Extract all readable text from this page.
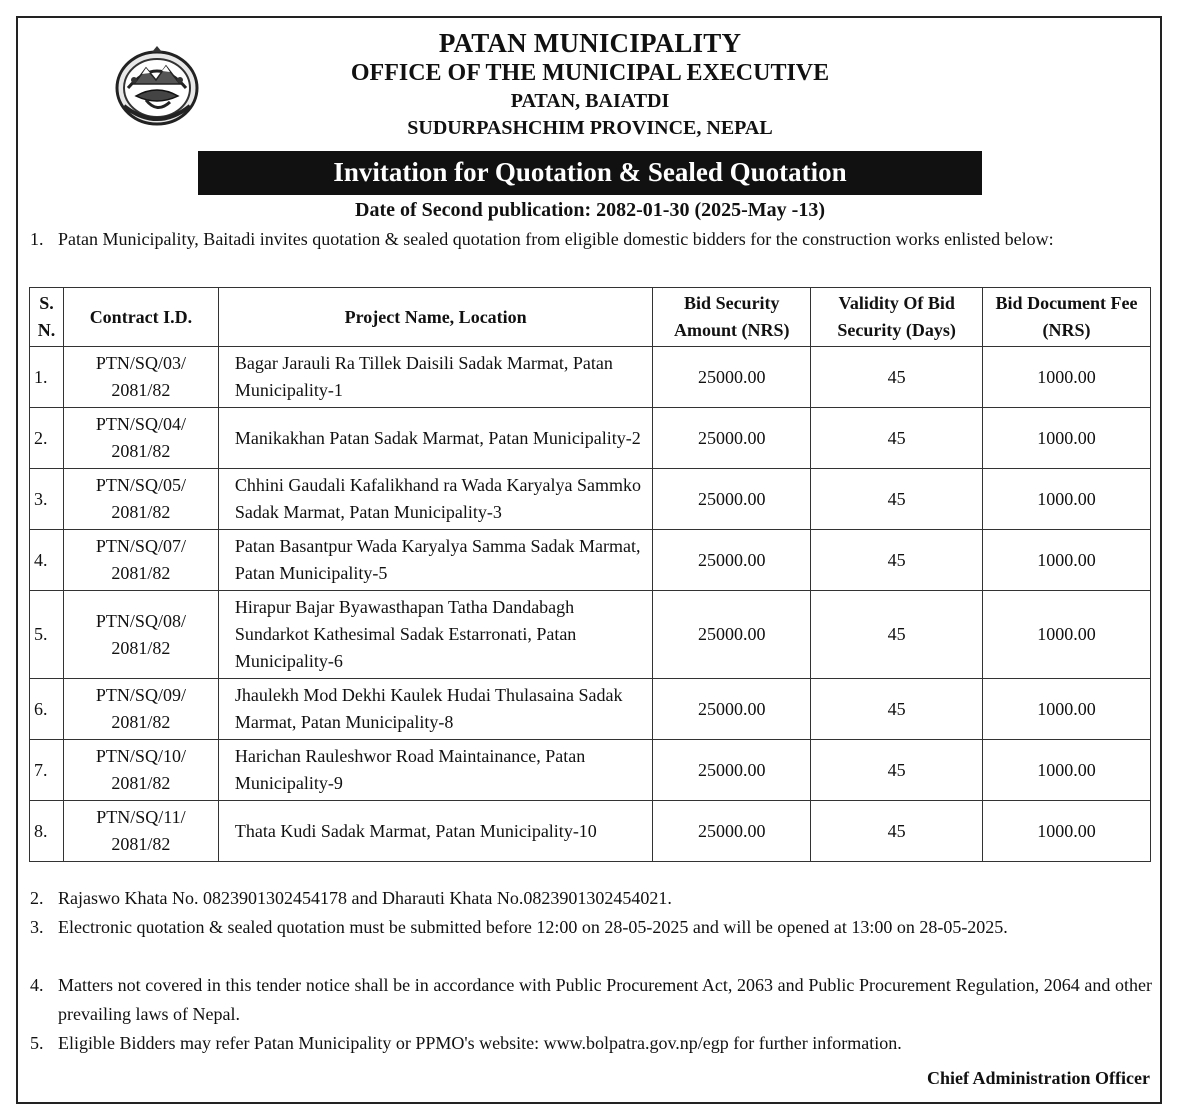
PATAN MUNICIPALITY
OFFICE OF THE MUNICIPAL EXECUTIVE
PATAN, BAIATDI
SUDURPASHCHIM PROVINCE, NEPAL
Invitation for Quotation & Sealed Quotation
Date of Second publication: 2082-01-30 (2025-May -13)
1. Patan Municipality, Baitadi invites quotation & sealed quotation from eligible domestic bidders for the construction works enlisted below:
S. N.	Contract I.D.	Project Name, Location	Bid Security Amount (NRS)	Validity Of Bid Security (Days)	Bid Document Fee (NRS)
1.	PTN/SQ/03/ 2081/82	Bagar Jarauli Ra Tillek Daisili Sadak Marmat, Patan Municipality-1	25000.00	45	1000.00
2.	PTN/SQ/04/ 2081/82	Manikakhan Patan Sadak Marmat, Patan Municipality-2	25000.00	45	1000.00
3.	PTN/SQ/05/ 2081/82	Chhini Gaudali Kafalikhand ra Wada Karyalya Sammko Sadak Marmat, Patan Municipality-3	25000.00	45	1000.00
4.	PTN/SQ/07/ 2081/82	Patan Basantpur Wada Karyalya Samma Sadak Marmat, Patan Municipality-5	25000.00	45	1000.00
5.	PTN/SQ/08/ 2081/82	Hirapur Bajar Byawasthapan Tatha Dandabagh Sundarkot Kathesimal Sadak Estarronati, Patan Municipality-6	25000.00	45	1000.00
6.	PTN/SQ/09/ 2081/82	Jhaulekh Mod Dekhi Kaulek Hudai Thulasaina Sadak Marmat, Patan Municipality-8	25000.00	45	1000.00
7.	PTN/SQ/10/ 2081/82	Harichan Rauleshwor Road Maintainance, Patan Municipality-9	25000.00	45	1000.00
8.	PTN/SQ/11/ 2081/82	Thata Kudi Sadak Marmat, Patan Municipality-10	25000.00	45	1000.00
2. Rajaswo Khata No. 0823901302454178 and Dharauti Khata No.0823901302454021.
3. Electronic quotation & sealed quotation must be submitted before 12:00 on 28-05-2025 and will be opened at 13:00 on 28-05-2025.
4. Matters not covered in this tender notice shall be in accordance with Public Procurement Act, 2063 and Public Procurement Regulation, 2064 and other prevailing laws of Nepal.
5. Eligible Bidders may refer Patan Municipality or PPMO's website: www.bolpatra.gov.np/egp for further information.
Chief Administration Officer
